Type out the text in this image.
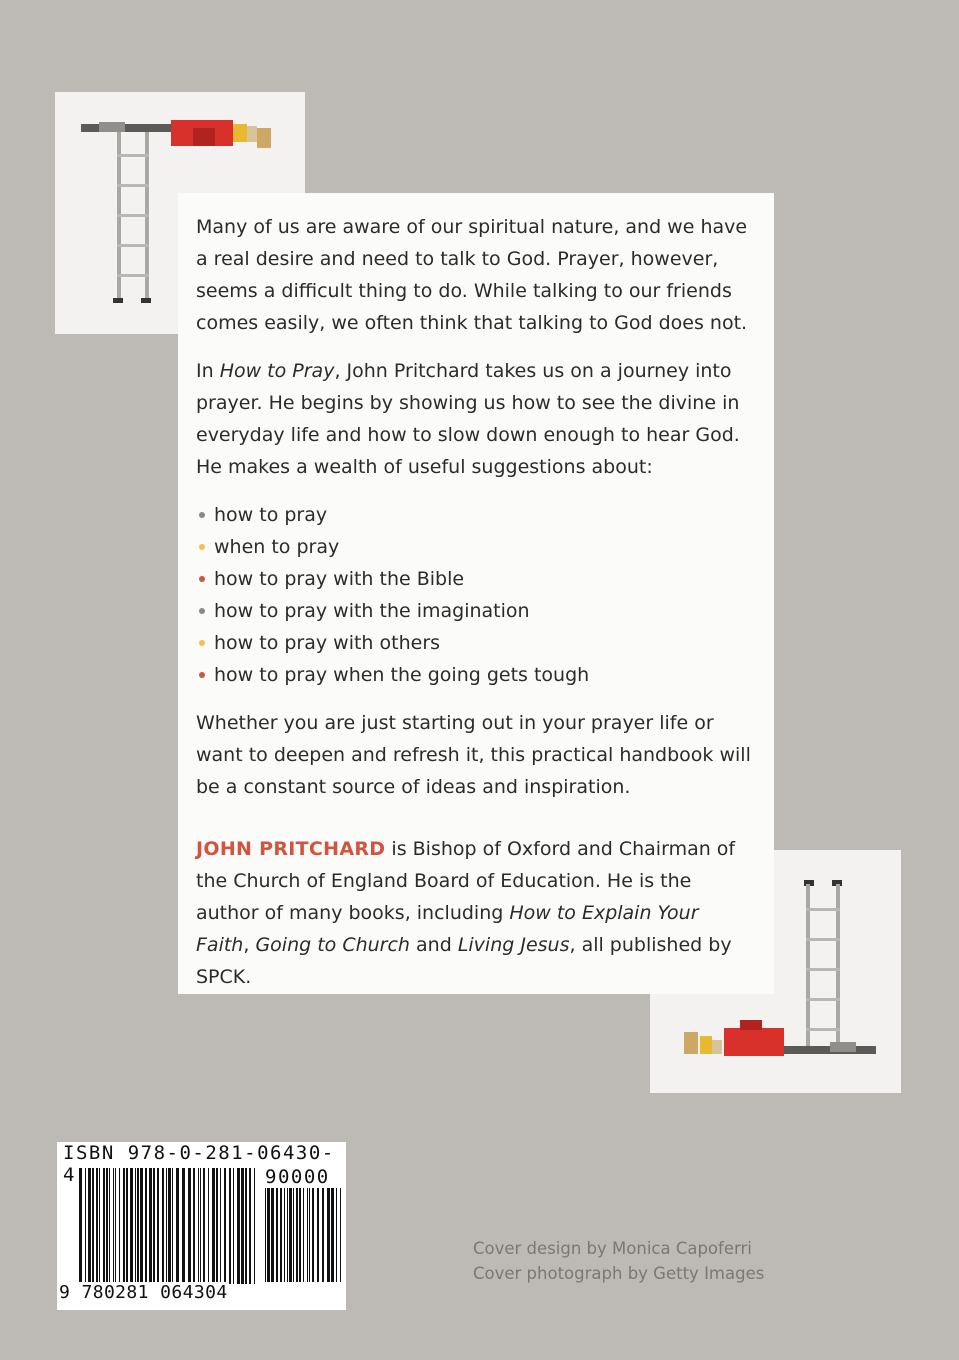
Many of us are aware of our spiritual nature, and we have a real desire and need to talk to God. Prayer, however, seems a difficult thing to do. While talking to our friends comes easily, we often think that talking to God does not.

In How to Pray, John Pritchard takes us on a journey into prayer. He begins by showing us how to see the divine in everyday life and how to slow down enough to hear God. He makes a wealth of useful suggestions about:

how to pray
when to pray
how to pray with the Bible
how to pray with the imagination
how to pray with others
how to pray when the going gets tough

Whether you are just starting out in your prayer life or want to deepen and refresh it, this practical handbook will be a constant source of ideas and inspiration.

JOHN PRITCHARD is Bishop of Oxford and Chairman of the Church of England Board of Education. He is the author of many books, including How to Explain Your Faith, Going to Church and Living Jesus, all published by SPCK.

ISBN 978-0-281-06430-4	90000
9 780281 064304
Cover design by Monica Capoferri
Cover photograph by Getty Images
